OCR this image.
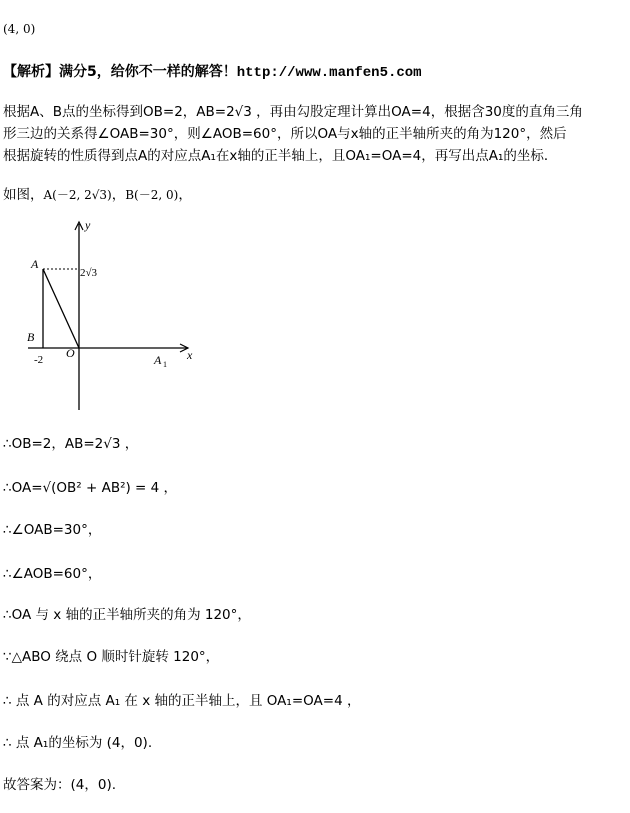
(4, 0)
【解析】满分5，给你不一样的解答！http://www.manfen5.com
根据A、B点的坐标得到OB=2，AB=2√3 ，再由勾股定理计算出OA=4，根据含30度的直角三角
形三边的关系得∠OAB=30°，则∠AOB=60°，所以OA与x轴的正半轴所夹的角为120°，然后
根据旋转的性质得到点A的对应点A₁在x轴的正半轴上，且OA₁=OA=4，再写出点A₁的坐标．
如图，A(－2, 2√3)，B(－2, 0)，
y
x
A
B
O
-2
2√3
A 1
∴OB=2，AB=2√3 ，
∴OA=√(OB² + AB²) = 4 ，
∴∠OAB=30°，
∴∠AOB=60°，
∴OA 与 x 轴的正半轴所夹的角为 120°，
∵△ABO 绕点 O 顺时针旋转 120°，
∴ 点 A 的对应点 A₁ 在 x 轴的正半轴上，且 OA₁=OA=4 ，
∴ 点 A₁的坐标为 (4，0).
故答案为：(4，0).
